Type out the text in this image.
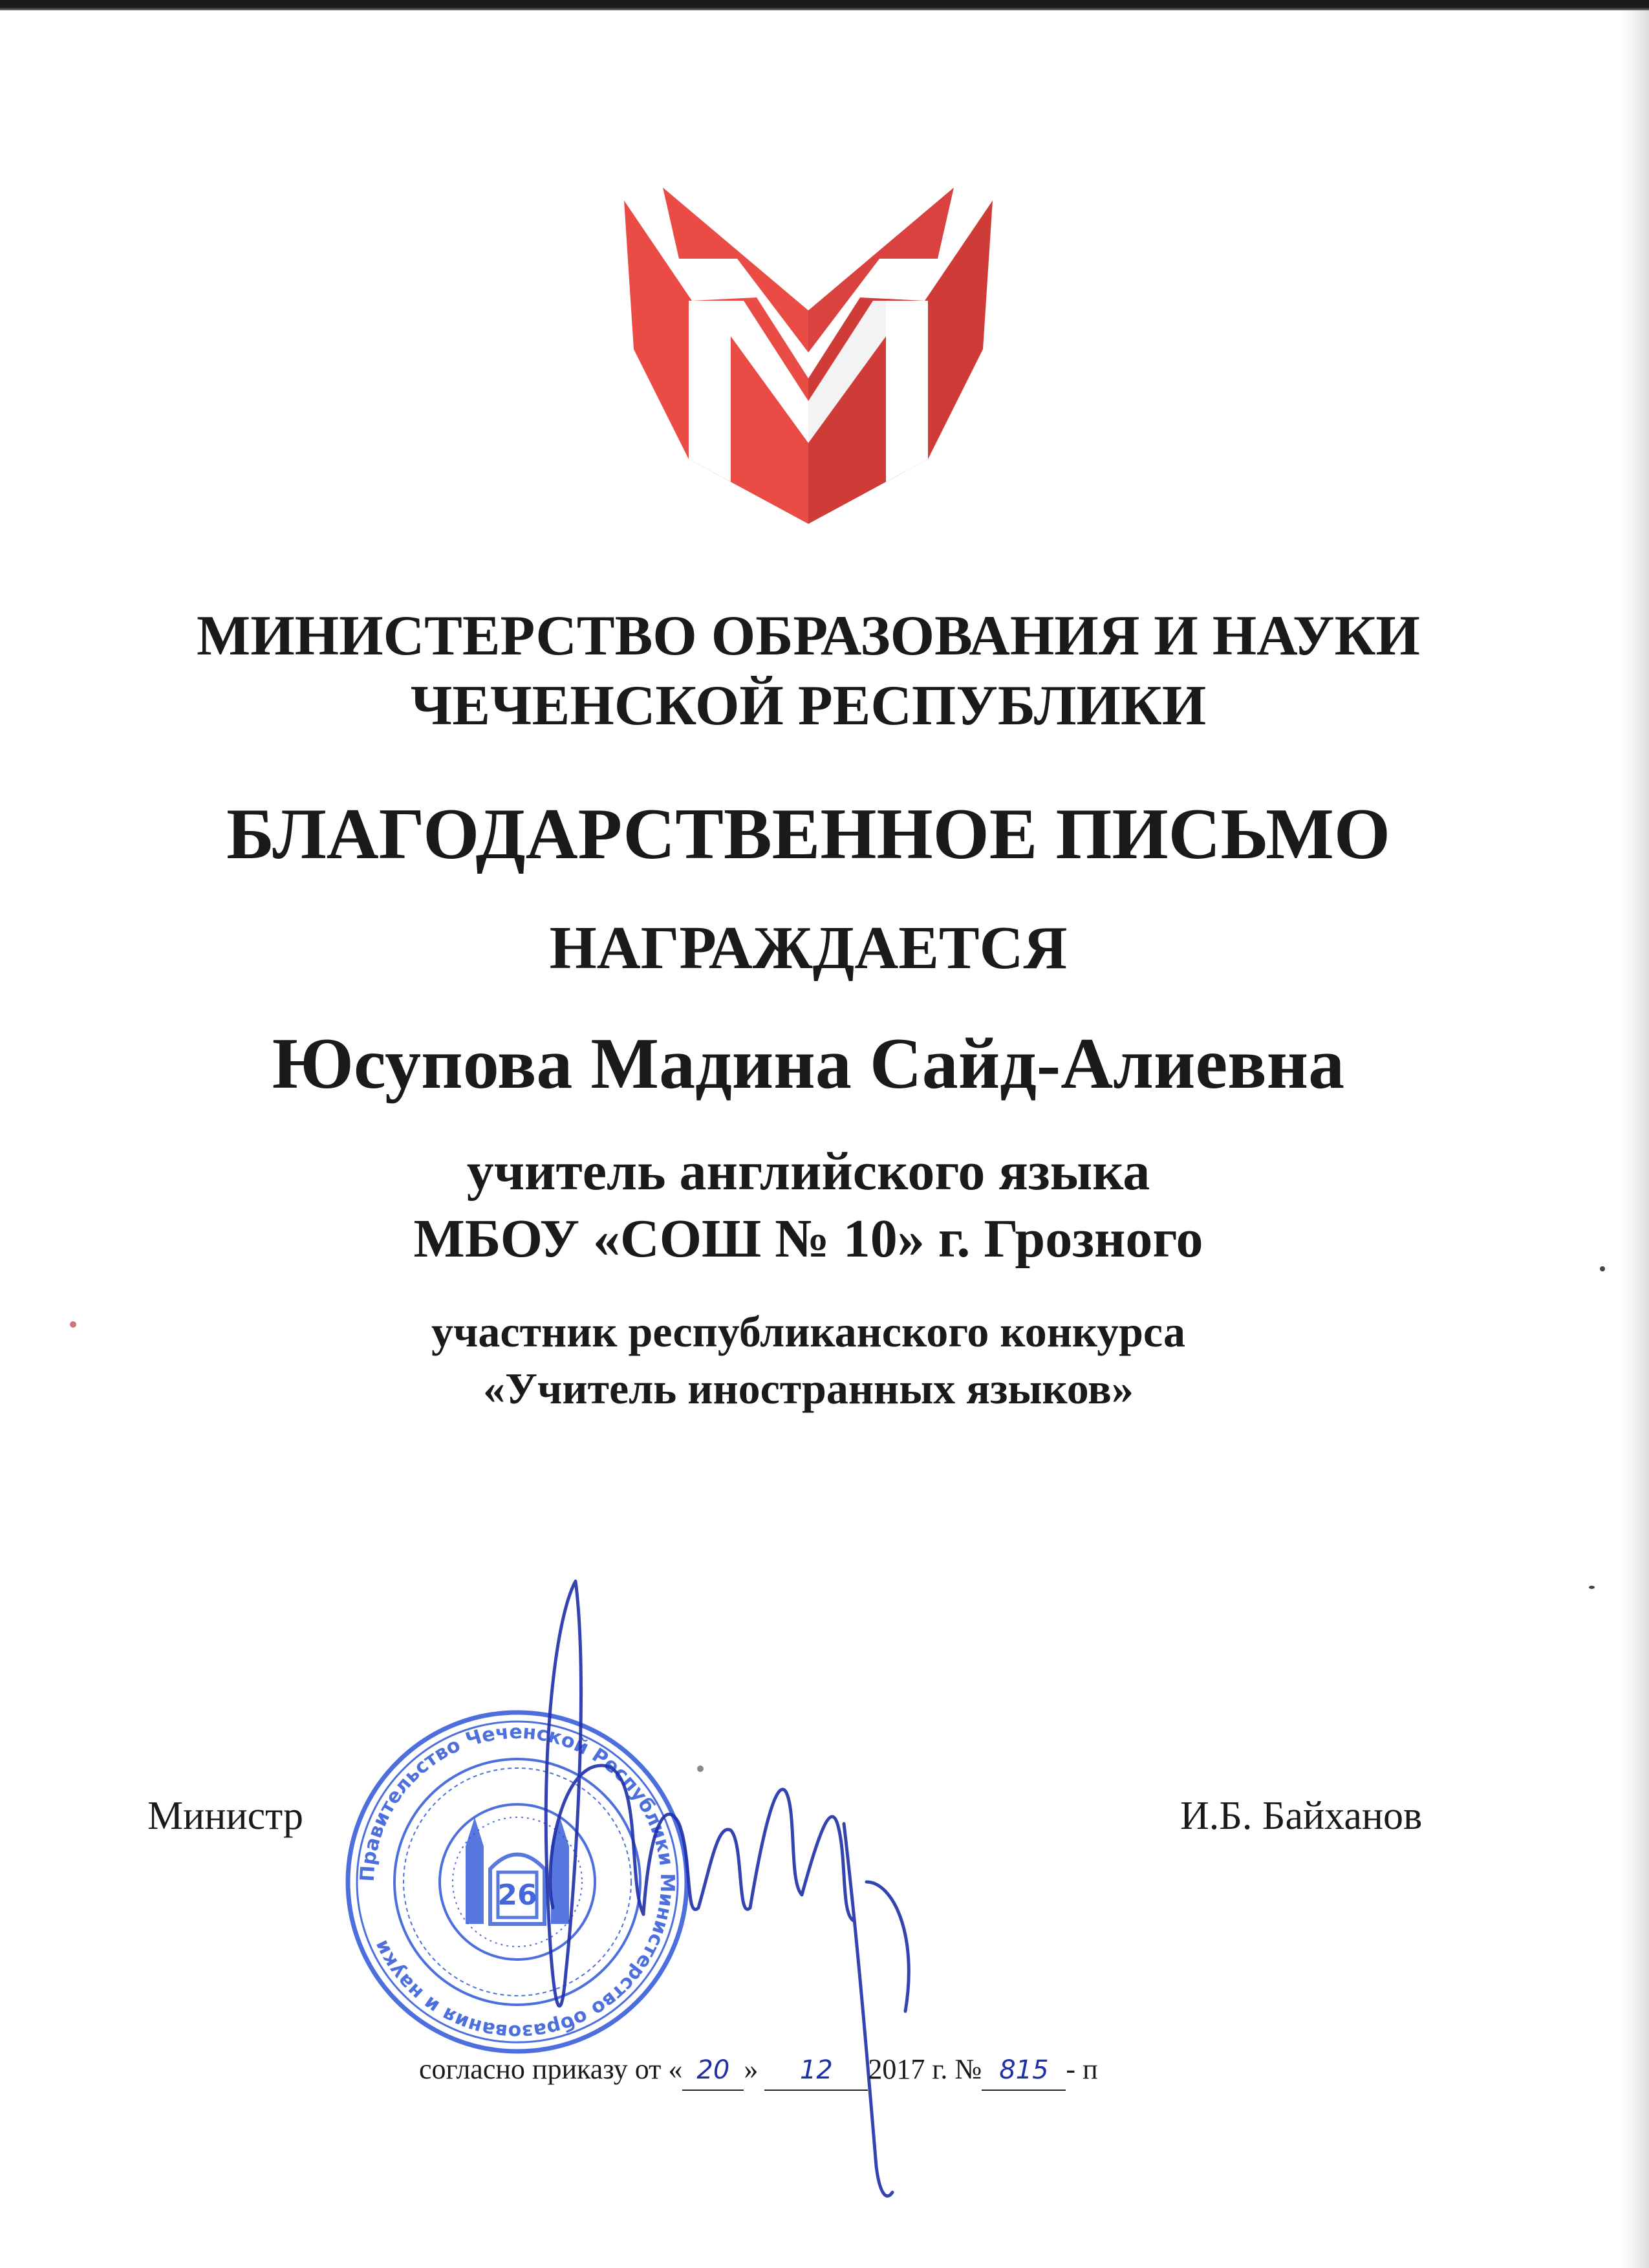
МИНИСТЕРСТВО ОБРАЗОВАНИЯ И НАУКИ
ЧЕЧЕНСКОЙ РЕСПУБЛИКИ
БЛАГОДАРСТВЕННОЕ ПИСЬМО
НАГРАЖДАЕТСЯ
Юсупова Мадина Сайд-Алиевна
учитель английского языка
МБОУ «СОШ № 10» г. Грозного
участник республиканского конкурса
«Учитель иностранных языков»
Правительство Чеченской Республики Министерство образования и науки
26
Министр	И.Б. Байханов
согласно приказу от « 20 » 12 2017 г. № 815 - п
